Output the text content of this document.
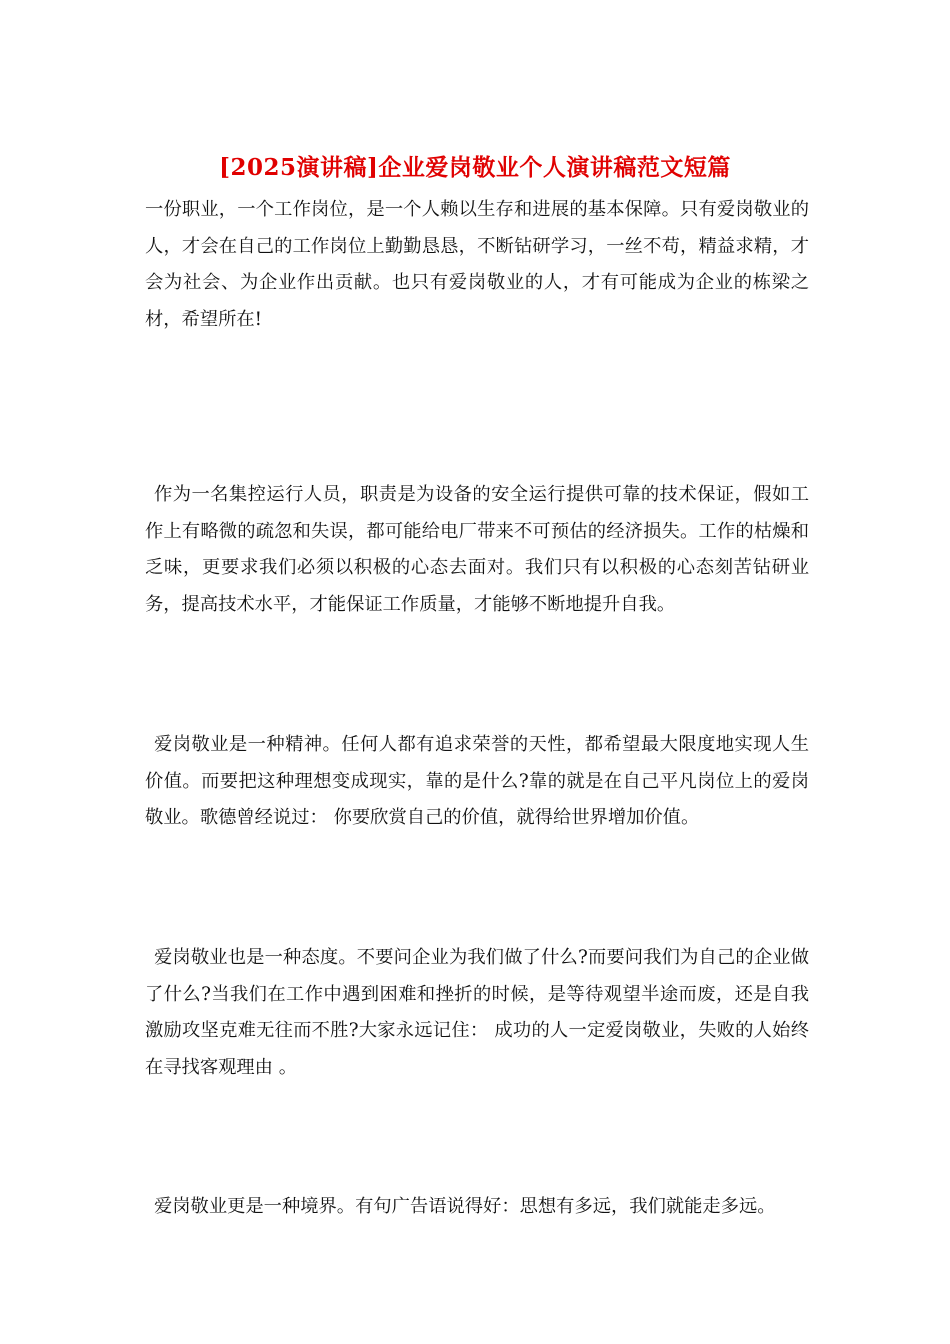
[2025演讲稿]企业爱岗敬业个人演讲稿范文短篇

一份职业，一个工作岗位，是一个人赖以生存和进展的基本保障。只有爱岗敬业的人，才会在自己的工作岗位上勤勤恳恳，不断钻研学习，一丝不苟，精益求精，才会为社会、为企业作出贡献。也只有爱岗敬业的人，才有可能成为企业的栋梁之材，希望所在!

作为一名集控运行人员，职责是为设备的安全运行提供可靠的技术保证，假如工作上有略微的疏忽和失误，都可能给电厂带来不可预估的经济损失。工作的枯燥和乏味，更要求我们必须以积极的心态去面对。我们只有以积极的心态刻苦钻研业务，提高技术水平，才能保证工作质量，才能够不断地提升自我。

爱岗敬业是一种精神。任何人都有追求荣誉的天性，都希望最大限度地实现人生价值。而要把这种理想变成现实，靠的是什么?靠的就是在自己平凡岗位上的爱岗敬业。歌德曾经说过： 你要欣赏自己的价值，就得给世界增加价值。

爱岗敬业也是一种态度。不要问企业为我们做了什么?而要问我们为自己的企业做了什么?当我们在工作中遇到困难和挫折的时候，是等待观望半途而废，还是自我激励攻坚克难无往而不胜?大家永远记住： 成功的人一定爱岗敬业，失败的人始终在寻找客观理由 。

爱岗敬业更是一种境界。有句广告语说得好：思想有多远，我们就能走多远。
